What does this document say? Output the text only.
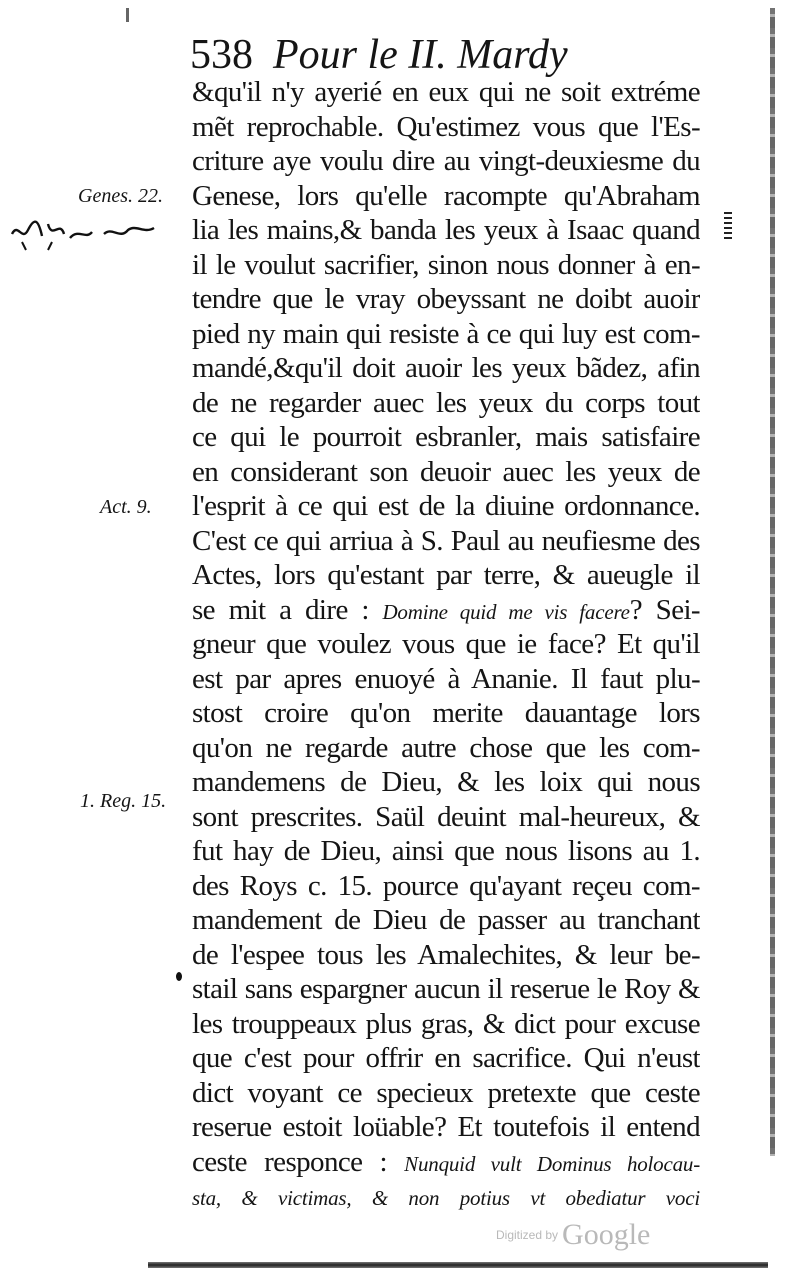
538 Pour le II. Mardy
Genes. 22.
Act. 9.
1. Reg. 15.
&qu'il n'y ayerié en eux qui ne soit extréme
mẽt reprochable. Qu'estimez vous que l'Es-
criture aye voulu dire au vingt-deuxiesme du
Genese, lors qu'elle racompte qu'Abraham
lia les mains,& banda les yeux à Isaac quand
il le voulut sacrifier, sinon nous donner à en-
tendre que le vray obeyssant ne doibt auoir
pied ny main qui resiste à ce qui luy est com-
mandé,&qu'il doit auoir les yeux bãdez, afin
de ne regarder auec les yeux du corps tout
ce qui le pourroit esbranler, mais satisfaire
en considerant son deuoir auec les yeux de
l'esprit à ce qui est de la diuine ordonnance.
C'est ce qui arriua à S. Paul au neufiesme des
Actes, lors qu'estant par terre, & aueugle il
se mit a dire : Domine quid me vis facere? Sei-
gneur que voulez vous que ie face? Et qu'il
est par apres enuoyé à Ananie. Il faut plu-
stost croire qu'on merite dauantage lors
qu'on ne regarde autre chose que les com-
mandemens de Dieu, & les loix qui nous
sont prescrites. Saül deuint mal-heureux, &
fut hay de Dieu, ainsi que nous lisons au 1.
des Roys c. 15. pource qu'ayant reçeu com-
mandement de Dieu de passer au tranchant
de l'espee tous les Amalechites, & leur be-
stail sans espargner aucun il reserue le Roy &
les trouppeaux plus gras, & dict pour excuse
que c'est pour offrir en sacrifice. Qui n'eust
dict voyant ce specieux pretexte que ceste
reserue estoit loüable? Et toutefois il entend
ceste responce : Nunquid vult Dominus holocau-
sta, & victimas, & non potius vt obediatur voci
Digitized by Google
